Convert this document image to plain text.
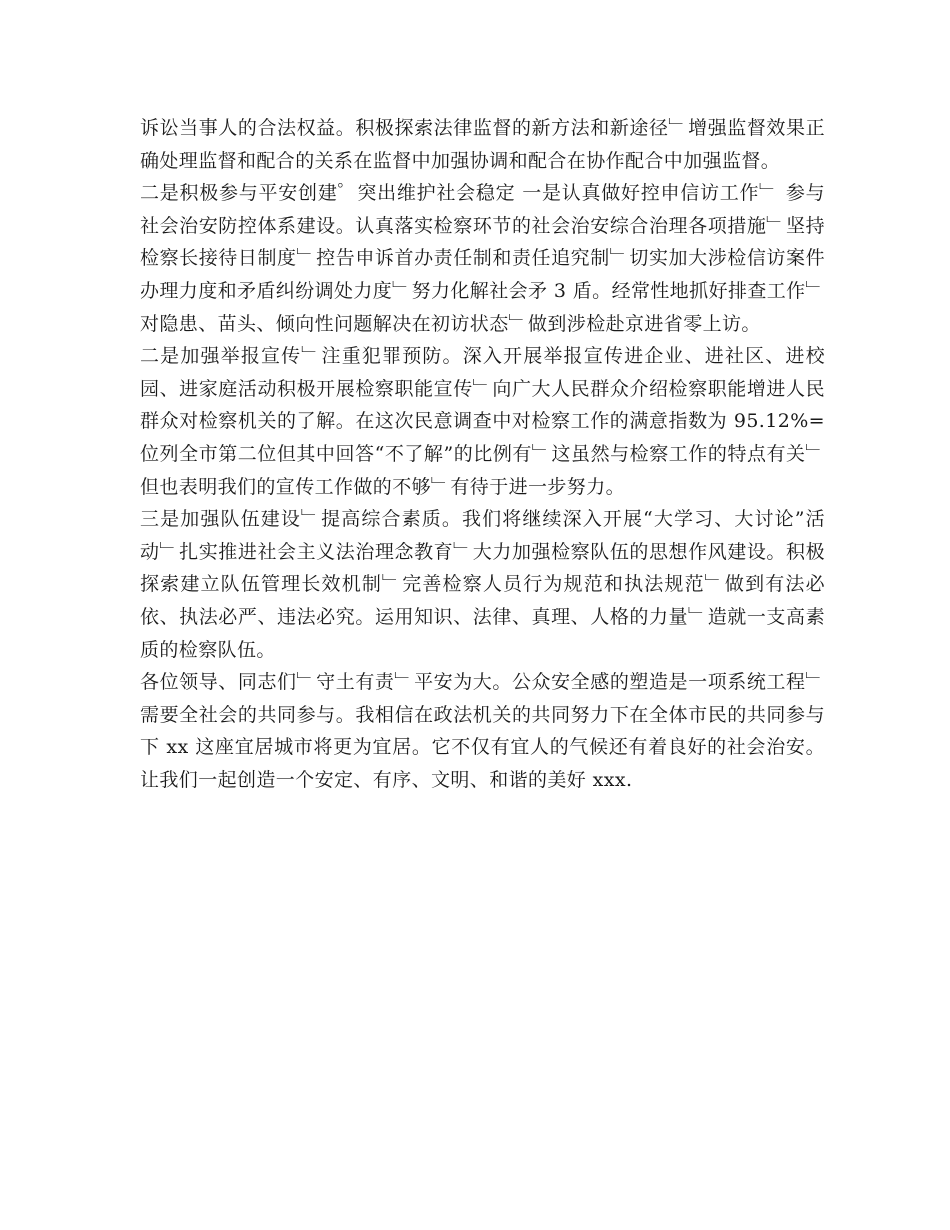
诉讼当事人的合法权益。积极探索法律监督的新方法和新途径﹂增强监督效果正确处理监督和配合的关系在监督中加强协调和配合在协作配合中加强监督。

二是积极参与平安创建゜突出维护社会稳定 一是认真做好控申信访工作﹂ 参与社会治安防控体系建设。认真落实检察环节的社会治安综合治理各项措施﹂坚持检察长接待日制度﹂控告申诉首办责任制和责任追究制﹂切实加大涉检信访案件办理力度和矛盾纠纷调处力度﹂努力化解社会矛 3 盾。经常性地抓好排查工作﹂对隐患、苗头、倾向性问题解决在初访状态﹂做到涉检赴京进省零上访。

二是加强举报宣传﹂注重犯罪预防。深入开展举报宣传进企业、进社区、进校园、进家庭活动积极开展检察职能宣传﹂向广大人民群众介绍检察职能增进人民群众对检察机关的了解。在这次民意调查中对检察工作的满意指数为 95.12%=位列全市第二位但其中回答“不了解”的比例有﹂这虽然与检察工作的特点有关﹂但也表明我们的宣传工作做的不够﹂有待于进一步努力。

三是加强队伍建设﹂提高综合素质。我们将继续深入开展“大学习、大讨论”活动﹂扎实推进社会主义法治理念教育﹂大力加强检察队伍的思想作风建设。积极探索建立队伍管理长效机制﹂完善检察人员行为规范和执法规范﹂做到有法必依、执法必严、违法必究。运用知识、法律、真理、人格的力量﹂造就一支高素质的检察队伍。

各位领导、同志们﹂守土有责﹂平安为大。公众安全感的塑造是一项系统工程﹂需要全社会的共同参与。我相信在政法机关的共同努力下在全体市民的共同参与下 xx 这座宜居城市将更为宜居。它不仅有宜人的气候还有着良好的社会治安。让我们一起创造一个安定、有序、文明、和谐的美好 xxx.
